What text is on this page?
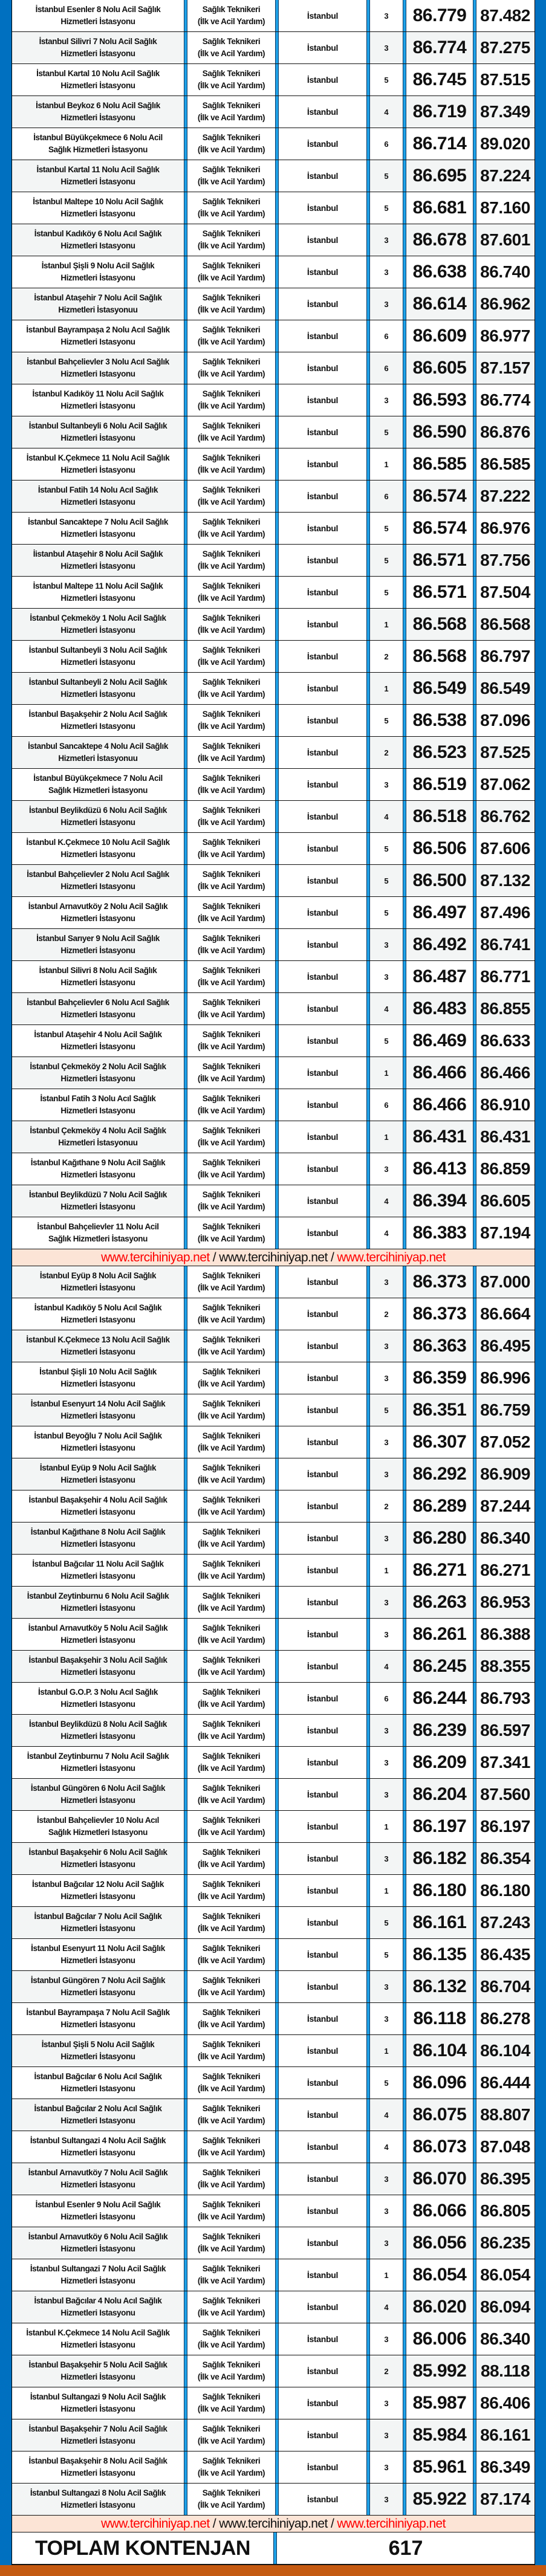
İstanbul Esenler 8 Nolu Acil Sağlık
Hizmetleri İstasyonu
Sağlık Teknikeri
(İlk ve Acil Yardım)
İstanbul	3	86.779 87.482
İstanbul Silivri 7 Nolu Acil Sağlık
Hizmetleri İstasyonu
Sağlık Teknikeri
(İlk ve Acil Yardım)
İstanbul	3	86.774 87.275
İstanbul Kartal 10 Nolu Acil Sağlık
Hizmetleri İstasyonu
Sağlık Teknikeri
(İlk ve Acil Yardım)
İstanbul	5	86.745 87.515
İstanbul Beykoz 6 Nolu Acil Sağlık
Hizmetleri İstasyonu
Sağlık Teknikeri
(İlk ve Acil Yardım)
İstanbul	4	86.719 87.349
İstanbul Büyükçekmece 6 Nolu Acil
Sağlık Hizmetleri İstasyonu
Sağlık Teknikeri
(İlk ve Acil Yardım)
İstanbul	6	86.714 89.020
İstanbul Kartal 11 Nolu Acil Sağlık
Hizmetleri İstasyonu
Sağlık Teknikeri
(İlk ve Acil Yardım)
İstanbul	5	86.695 87.224
İstanbul Maltepe 10 Nolu Acil Sağlık
Hizmetleri İstasyonu
Sağlık Teknikeri
(İlk ve Acil Yardım)
İstanbul	5	86.681 87.160
İstanbul Kadıköy 6 Nolu Acıl Sağlık
Hizmetleri Istasyonu
Sağlık Teknikeri
(İlk ve Acil Yardım)
İstanbul	3	86.678 87.601
İstanbul Şişli 9 Nolu Acil Sağlık
Hizmetleri İstasyonu
Sağlık Teknikeri
(İlk ve Acil Yardım)
İstanbul	3	86.638 86.740
İstanbul Ataşehir 7 Nolu Acil Sağlık
Hizmetleri İstasyonuu
Sağlık Teknikeri
(İlk ve Acil Yardım)
İstanbul	3	86.614 86.962
İstanbul Bayrampaşa 2 Nolu Acıl Sağlık
Hizmetleri Istasyonu
Sağlık Teknikeri
(İlk ve Acil Yardım)
İstanbul	6	86.609 86.977
İstanbul Bahçelievler 3 Nolu Acıl Sağlık
Hizmetleri Istasyonu
Sağlık Teknikeri
(İlk ve Acil Yardım)
İstanbul	6	86.605 87.157
İstanbul Kadıköy 11 Nolu Acil Sağlık
Hizmetleri İstasyonu
Sağlık Teknikeri
(İlk ve Acil Yardım)
İstanbul	3	86.593 86.774
İstanbul Sultanbeyli 6 Nolu Acil Sağlık
Hizmetleri İstasyonu
Sağlık Teknikeri
(İlk ve Acil Yardım)
İstanbul	5	86.590 86.876
İstanbul K.Çekmece 11 Nolu Acil Sağlık
Hizmetleri İstasyonu
Sağlık Teknikeri
(İlk ve Acil Yardım)
İstanbul	1	86.585 86.585
İstanbul Fatih 14 Nolu Acıl Sağlık
Hizmetleri Istasyonu
Sağlık Teknikeri
(İlk ve Acil Yardım)
İstanbul	6	86.574 87.222
İstanbul Sancaktepe 7 Nolu Acil Sağlık
Hizmetleri İstasyonu
Sağlık Teknikeri
(İlk ve Acil Yardım)
İstanbul	5	86.574 86.976
İistanbul Ataşehir 8 Nolu Acil Sağlık
Hizmetleri İstasyonu
Sağlık Teknikeri
(İlk ve Acil Yardım)
İstanbul	5	86.571 87.756
İstanbul Maltepe 11 Nolu Acil Sağlık
Hizmetleri İstasyonu
Sağlık Teknikeri
(İlk ve Acil Yardım)
İstanbul	5	86.571 87.504
İstanbul Çekmeköy 1 Nolu Acil Sağlık
Hizmetleri İstasyonu
Sağlık Teknikeri
(İlk ve Acil Yardım)
İstanbul	1	86.568 86.568
İstanbul Sultanbeyli 3 Nolu Acil Sağlık
Hizmetleri İstasyonu
Sağlık Teknikeri
(İlk ve Acil Yardım)
İstanbul	2	86.568 86.797
İstanbul Sultanbeyli 2 Nolu Acil Sağlık
Hizmetleri İstasyonu
Sağlık Teknikeri
(İlk ve Acil Yardım)
İstanbul	1	86.549 86.549
İstanbul Başakşehir 2 Nolu Acıl Sağlık
Hizmetleri Istasyonu
Sağlık Teknikeri
(İlk ve Acil Yardım)
İstanbul	5	86.538 87.096
İstanbul Sancaktepe 4 Nolu Acil Sağlık
Hizmetleri İstasyonuu
Sağlık Teknikeri
(İlk ve Acil Yardım)
İstanbul	2	86.523 87.525
İstanbul Büyükçekmece 7 Nolu Acil
Sağlık Hizmetleri İstasyonu
Sağlık Teknikeri
(İlk ve Acil Yardım)
İstanbul	3	86.519 87.062
İstanbul Beylikdüzü 6 Nolu Acil Sağlık
Hizmetleri İstasyonu
Sağlık Teknikeri
(İlk ve Acil Yardım)
İstanbul	4	86.518 86.762
İstanbul K.Çekmece 10 Nolu Acil Sağlık
Hizmetleri İstasyonu
Sağlık Teknikeri
(İlk ve Acil Yardım)
İstanbul	5	86.506 87.606
İstanbul Bahçelievler 2 Nolu Acıl Sağlık
Hizmetleri Istasyonu
Sağlık Teknikeri
(İlk ve Acil Yardım)
İstanbul	5	86.500 87.132
İstanbul Arnavutköy 2 Nolu Acil Sağlık
Hizmetleri İstasyonu
Sağlık Teknikeri
(İlk ve Acil Yardım)
İstanbul	5	86.497 87.496
İstanbul Sarıyer 9 Nolu Acil Sağlık
Hizmetleri İstasyonu
Sağlık Teknikeri
(İlk ve Acil Yardım)
İstanbul	3	86.492 86.741
İstanbul Silivri 8 Nolu Acil Sağlık
Hizmetleri İstasyonu
Sağlık Teknikeri
(İlk ve Acil Yardım)
İstanbul	3	86.487 86.771
İstanbul Bahçelievler 6 Nolu Acıl Sağlık
Hizmetleri Istasyonu
Sağlık Teknikeri
(İlk ve Acil Yardım)
İstanbul	4	86.483 86.855
İstanbul Ataşehir 4 Nolu Acil Sağlık
Hizmetleri İstasyonu
Sağlık Teknikeri
(İlk ve Acil Yardım)
İstanbul	5	86.469 86.633
İstanbul Çekmeköy 2 Nolu Acil Sağlık
Hizmetleri İstasyonu
Sağlık Teknikeri
(İlk ve Acil Yardım)
İstanbul	1	86.466 86.466
İstanbul Fatih 3 Nolu Acıl Sağlık
Hizmetleri Istasyonu
Sağlık Teknikeri
(İlk ve Acil Yardım)
İstanbul	6	86.466 86.910
İstanbul Çekmeköy 4 Nolu Acil Sağlık
Hizmetleri İstasyonuu
Sağlık Teknikeri
(İlk ve Acil Yardım)
İstanbul	1	86.431 86.431
İstanbul Kağıthane 9 Nolu Acil Sağlık
Hizmetleri İstasyonu
Sağlık Teknikeri
(İlk ve Acil Yardım)
İstanbul	3	86.413 86.859
İstanbul Beylikdüzü 7 Nolu Acil Sağlık
Hizmetleri İstasyonu
Sağlık Teknikeri
(İlk ve Acil Yardım)
İstanbul	4	86.394 86.605
İstanbul Bahçelievler 11 Nolu Acil
Sağlık Hizmetleri İstasyonu
Sağlık Teknikeri
(İlk ve Acil Yardım)
İstanbul	4	86.383 87.194
www.tercihiniyap.net / www.tercihiniyap.net / www.tercihiniyap.net
İstanbul Eyüp 8 Nolu Acil Sağlık
Hizmetleri İstasyonu
Sağlık Teknikeri
(İlk ve Acil Yardım)
İstanbul	3	86.373 87.000
İstanbul Kadıköy 5 Nolu Acıl Sağlık
Hizmetleri Istasyonu
Sağlık Teknikeri
(İlk ve Acil Yardım)
İstanbul	2	86.373 86.664
İstanbul K.Çekmece 13 Nolu Acil Sağlık
Hizmetleri İstasyonu
Sağlık Teknikeri
(İlk ve Acil Yardım)
İstanbul	3	86.363 86.495
İstanbul Şişli 10 Nolu Acil Sağlık
Hizmetleri İstasyonu
Sağlık Teknikeri
(İlk ve Acil Yardım)
İstanbul	3	86.359 86.996
İstanbul Esenyurt 14 Nolu Acil Sağlık
Hizmetleri İstasyonu
Sağlık Teknikeri
(İlk ve Acil Yardım)
İstanbul	5	86.351 86.759
İstanbul Beyoğlu 7 Nolu Acil Sağlık
Hizmetleri İstasyonu
Sağlık Teknikeri
(İlk ve Acil Yardım)
İstanbul	3	86.307 87.052
İstanbul Eyüp 9 Nolu Acil Sağlık
Hizmetleri İstasyonu
Sağlık Teknikeri
(İlk ve Acil Yardım)
İstanbul	3	86.292 86.909
İstanbul Başakşehir 4 Nolu Acil Sağlık
Hizmetleri İstasyonu
Sağlık Teknikeri
(İlk ve Acil Yardım)
İstanbul	2	86.289 87.244
İstanbul Kağıthane 8 Nolu Acil Sağlık
Hizmetleri İstasyonu
Sağlık Teknikeri
(İlk ve Acil Yardım)
İstanbul	3	86.280 86.340
İstanbul Bağcılar 11 Nolu Acil Sağlık
Hizmetleri İstasyonu
Sağlık Teknikeri
(İlk ve Acil Yardım)
İstanbul	1	86.271 86.271
İstanbul Zeytinburnu 6 Nolu Acil Sağlık
Hizmetleri İstasyonu
Sağlık Teknikeri
(İlk ve Acil Yardım)
İstanbul	3	86.263 86.953
İstanbul Arnavutköy 5 Nolu Acil Sağlık
Hizmetleri İstasyonu
Sağlık Teknikeri
(İlk ve Acil Yardım)
İstanbul	3	86.261 86.388
İstanbul Başakşehir 3 Nolu Acil Sağlık
Hizmetleri İstasyonu
Sağlık Teknikeri
(İlk ve Acil Yardım)
İstanbul	4	86.245 88.355
İstanbul G.O.P. 3 Nolu Acıl Sağlık
Hizmetleri Istasyonu
Sağlık Teknikeri
(İlk ve Acil Yardım)
İstanbul	6	86.244 86.793
İstanbul Beylikdüzü 8 Nolu Acil Sağlık
Hizmetleri İstasyonu
Sağlık Teknikeri
(İlk ve Acil Yardım)
İstanbul	3	86.239 86.597
İstanbul Zeytinburnu 7 Nolu Acil Sağlık
Hizmetleri İstasyonu
Sağlık Teknikeri
(İlk ve Acil Yardım)
İstanbul	3	86.209 87.341
İstanbul Güngören 6 Nolu Acil Sağlık
Hizmetleri İstasyonu
Sağlık Teknikeri
(İlk ve Acil Yardım)
İstanbul	3	86.204 87.560
İstanbul Bahçelievler 10 Nolu Acıl
Sağlık Hizmetleri Istasyonu
Sağlık Teknikeri
(İlk ve Acil Yardım)
İstanbul	1	86.197 86.197
İstanbul Başakşehir 6 Nolu Acil Sağlık
Hizmetleri İstasyonu
Sağlık Teknikeri
(İlk ve Acil Yardım)
İstanbul	3	86.182 86.354
İstanbul Bağcılar 12 Nolu Acil Sağlık
Hizmetleri İstasyonu
Sağlık Teknikeri
(İlk ve Acil Yardım)
İstanbul	1	86.180 86.180
İstanbul Bağcılar 7 Nolu Acil Sağlık
Hizmetleri İstasyonu
Sağlık Teknikeri
(İlk ve Acil Yardım)
İstanbul	5	86.161 87.243
İstanbul Esenyurt 11 Nolu Acil Sağlık
Hizmetleri İstasyonu
Sağlık Teknikeri
(İlk ve Acil Yardım)
İstanbul	5	86.135 86.435
İstanbul Güngören 7 Nolu Acil Sağlık
Hizmetleri İstasyonu
Sağlık Teknikeri
(İlk ve Acil Yardım)
İstanbul	3	86.132 86.704
İstanbul Bayrampaşa 7 Nolu Acil Sağlık
Hizmetleri İstasyonu
Sağlık Teknikeri
(İlk ve Acil Yardım)
İstanbul	3	86.118 86.278
İstanbul Şişli 5 Nolu Acil Sağlık
Hizmetleri İstasyonu
Sağlık Teknikeri
(İlk ve Acil Yardım)
İstanbul	1	86.104 86.104
İstanbul Bağcılar 6 Nolu Acıl Sağlık
Hizmetleri Istasyonu
Sağlık Teknikeri
(İlk ve Acil Yardım)
İstanbul	5	86.096 86.444
İstanbul Bağcılar 2 Nolu Acıl Sağlık
Hizmetleri Istasyonu
Sağlık Teknikeri
(İlk ve Acil Yardım)
İstanbul	4	86.075 88.807
İstanbul Sultangazi 4 Nolu Acil Sağlık
Hizmetleri İstasyonu
Sağlık Teknikeri
(İlk ve Acil Yardım)
İstanbul	4	86.073 87.048
İstanbul Arnavutköy 7 Nolu Acil Sağlık
Hizmetleri İstasyonu
Sağlık Teknikeri
(İlk ve Acil Yardım)
İstanbul	3	86.070 86.395
İstanbul Esenler 9 Nolu Acil Sağlık
Hizmetleri İstasyonu
Sağlık Teknikeri
(İlk ve Acil Yardım)
İstanbul	3	86.066 86.805
İstanbul Arnavutköy 6 Nolu Acil Sağlık
Hizmetleri İstasyonu
Sağlık Teknikeri
(İlk ve Acil Yardım)
İstanbul	3	86.056 86.235
İstanbul Sultangazi 7 Nolu Acil Sağlık
Hizmetleri İstasyonu
Sağlık Teknikeri
(İlk ve Acil Yardım)
İstanbul	1	86.054 86.054
İstanbul Bağcılar 4 Nolu Acıl Sağlık
Hizmetleri Istasyonu
Sağlık Teknikeri
(İlk ve Acil Yardım)
İstanbul	4	86.020 86.094
İstanbul K.Çekmece 14 Nolu Acil Sağlık
Hizmetleri İstasyonu
Sağlık Teknikeri
(İlk ve Acil Yardım)
İstanbul	3	86.006 86.340
İstanbul Başakşehir 5 Nolu Acil Sağlık
Hizmetleri İstasyonu
Sağlık Teknikeri
(İlk ve Acil Yardım)
İstanbul	2	85.992 88.118
İstanbul Sultangazi 9 Nolu Acil Sağlık
Hizmetleri İstasyonu
Sağlık Teknikeri
(İlk ve Acil Yardım)
İstanbul	3	85.987 86.406
İstanbul Başakşehir 7 Nolu Acil Sağlık
Hizmetleri İstasyonu
Sağlık Teknikeri
(İlk ve Acil Yardım)
İstanbul	3	85.984 86.161
İstanbul Başakşehir 8 Nolu Acil Sağlık
Hizmetleri İstasyonu
Sağlık Teknikeri
(İlk ve Acil Yardım)
İstanbul	3	85.961 86.349
İstanbul Sultangazi 8 Nolu Acil Sağlık
Hizmetleri İstasyonu
Sağlık Teknikeri
(İlk ve Acil Yardım)
İstanbul	3	85.922 87.174
www.tercihiniyap.net / www.tercihiniyap.net / www.tercihiniyap.net
TOPLAM KONTENJAN	617
